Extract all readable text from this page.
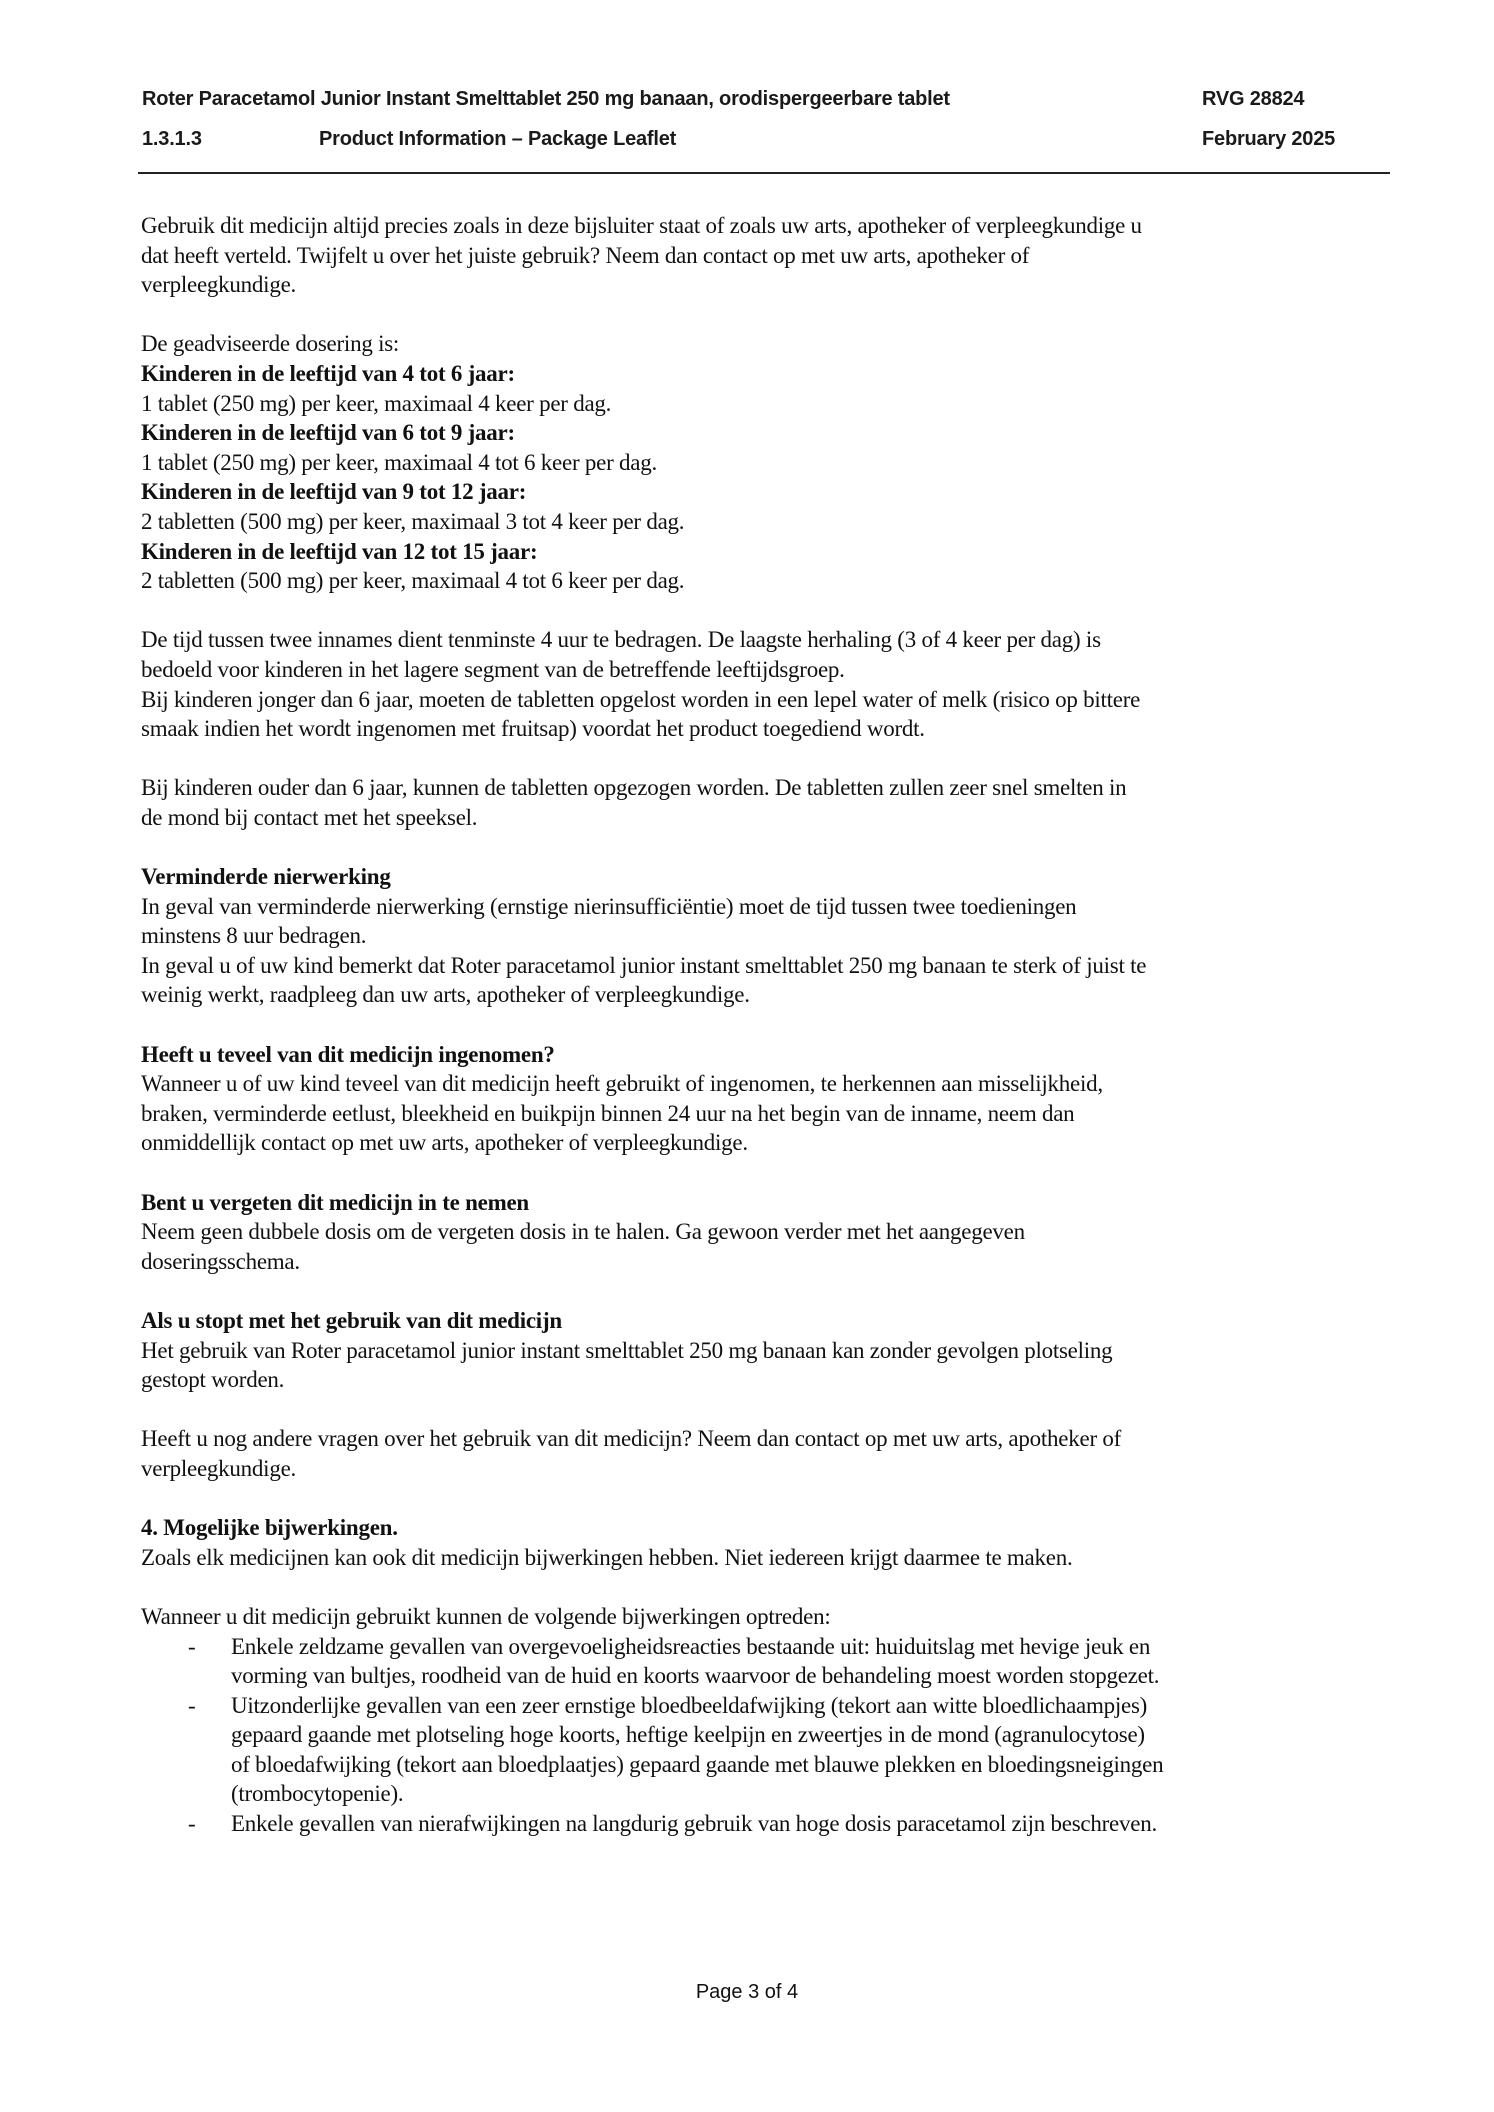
Roter Paracetamol Junior Instant Smelttablet 250 mg banaan, orodispergeerbare tablet	RVG 28824
1.3.1.3	Product Information – Package Leaflet	February 2025

Gebruik dit medicijn altijd precies zoals in deze bijsluiter staat of zoals uw arts, apotheker of verpleegkundige u

dat heeft verteld. Twijfelt u over het juiste gebruik? Neem dan contact op met uw arts, apotheker of

verpleegkundige.

De geadviseerde dosering is:

Kinderen in de leeftijd van 4 tot 6 jaar:

1 tablet (250 mg) per keer, maximaal 4 keer per dag.

Kinderen in de leeftijd van 6 tot 9 jaar:

1 tablet (250 mg) per keer, maximaal 4 tot 6 keer per dag.

Kinderen in de leeftijd van 9 tot 12 jaar:

2 tabletten (500 mg) per keer, maximaal 3 tot 4 keer per dag.

Kinderen in de leeftijd van 12 tot 15 jaar:

2 tabletten (500 mg) per keer, maximaal 4 tot 6 keer per dag.

De tijd tussen twee innames dient tenminste 4 uur te bedragen. De laagste herhaling (3 of 4 keer per dag) is

bedoeld voor kinderen in het lagere segment van de betreffende leeftijdsgroep.

Bij kinderen jonger dan 6 jaar, moeten de tabletten opgelost worden in een lepel water of melk (risico op bittere

smaak indien het wordt ingenomen met fruitsap) voordat het product toegediend wordt.

Bij kinderen ouder dan 6 jaar, kunnen de tabletten opgezogen worden. De tabletten zullen zeer snel smelten in

de mond bij contact met het speeksel.

Verminderde nierwerking

In geval van verminderde nierwerking (ernstige nierinsufficiëntie) moet de tijd tussen twee toedieningen

minstens 8 uur bedragen.

In geval u of uw kind bemerkt dat Roter paracetamol junior instant smelttablet 250 mg banaan te sterk of juist te

weinig werkt, raadpleeg dan uw arts, apotheker of verpleegkundige.

Heeft u teveel van dit medicijn ingenomen?

Wanneer u of uw kind teveel van dit medicijn heeft gebruikt of ingenomen, te herkennen aan misselijkheid,

braken, verminderde eetlust, bleekheid en buikpijn binnen 24 uur na het begin van de inname, neem dan

onmiddellijk contact op met uw arts, apotheker of verpleegkundige.

Bent u vergeten dit medicijn in te nemen

Neem geen dubbele dosis om de vergeten dosis in te halen. Ga gewoon verder met het aangegeven

doseringsschema.

Als u stopt met het gebruik van dit medicijn

Het gebruik van Roter paracetamol junior instant smelttablet 250 mg banaan kan zonder gevolgen plotseling

gestopt worden.

Heeft u nog andere vragen over het gebruik van dit medicijn? Neem dan contact op met uw arts, apotheker of

verpleegkundige.

4. Mogelijke bijwerkingen.

Zoals elk medicijnen kan ook dit medicijn bijwerkingen hebben. Niet iedereen krijgt daarmee te maken.

Wanneer u dit medicijn gebruikt kunnen de volgende bijwerkingen optreden:

- Enkele zeldzame gevallen van overgevoeligheidsreacties bestaande uit: huiduitslag met hevige jeuk en

vorming van bultjes, roodheid van de huid en koorts waarvoor de behandeling moest worden stopgezet.

- Uitzonderlijke gevallen van een zeer ernstige bloedbeeldafwijking (tekort aan witte bloedlichaampjes)

gepaard gaande met plotseling hoge koorts, heftige keelpijn en zweertjes in de mond (agranulocytose)

of bloedafwijking (tekort aan bloedplaatjes) gepaard gaande met blauwe plekken en bloedingsneigingen

(trombocytopenie).

- Enkele gevallen van nierafwijkingen na langdurig gebruik van hoge dosis paracetamol zijn beschreven.

Page 3 of 4
